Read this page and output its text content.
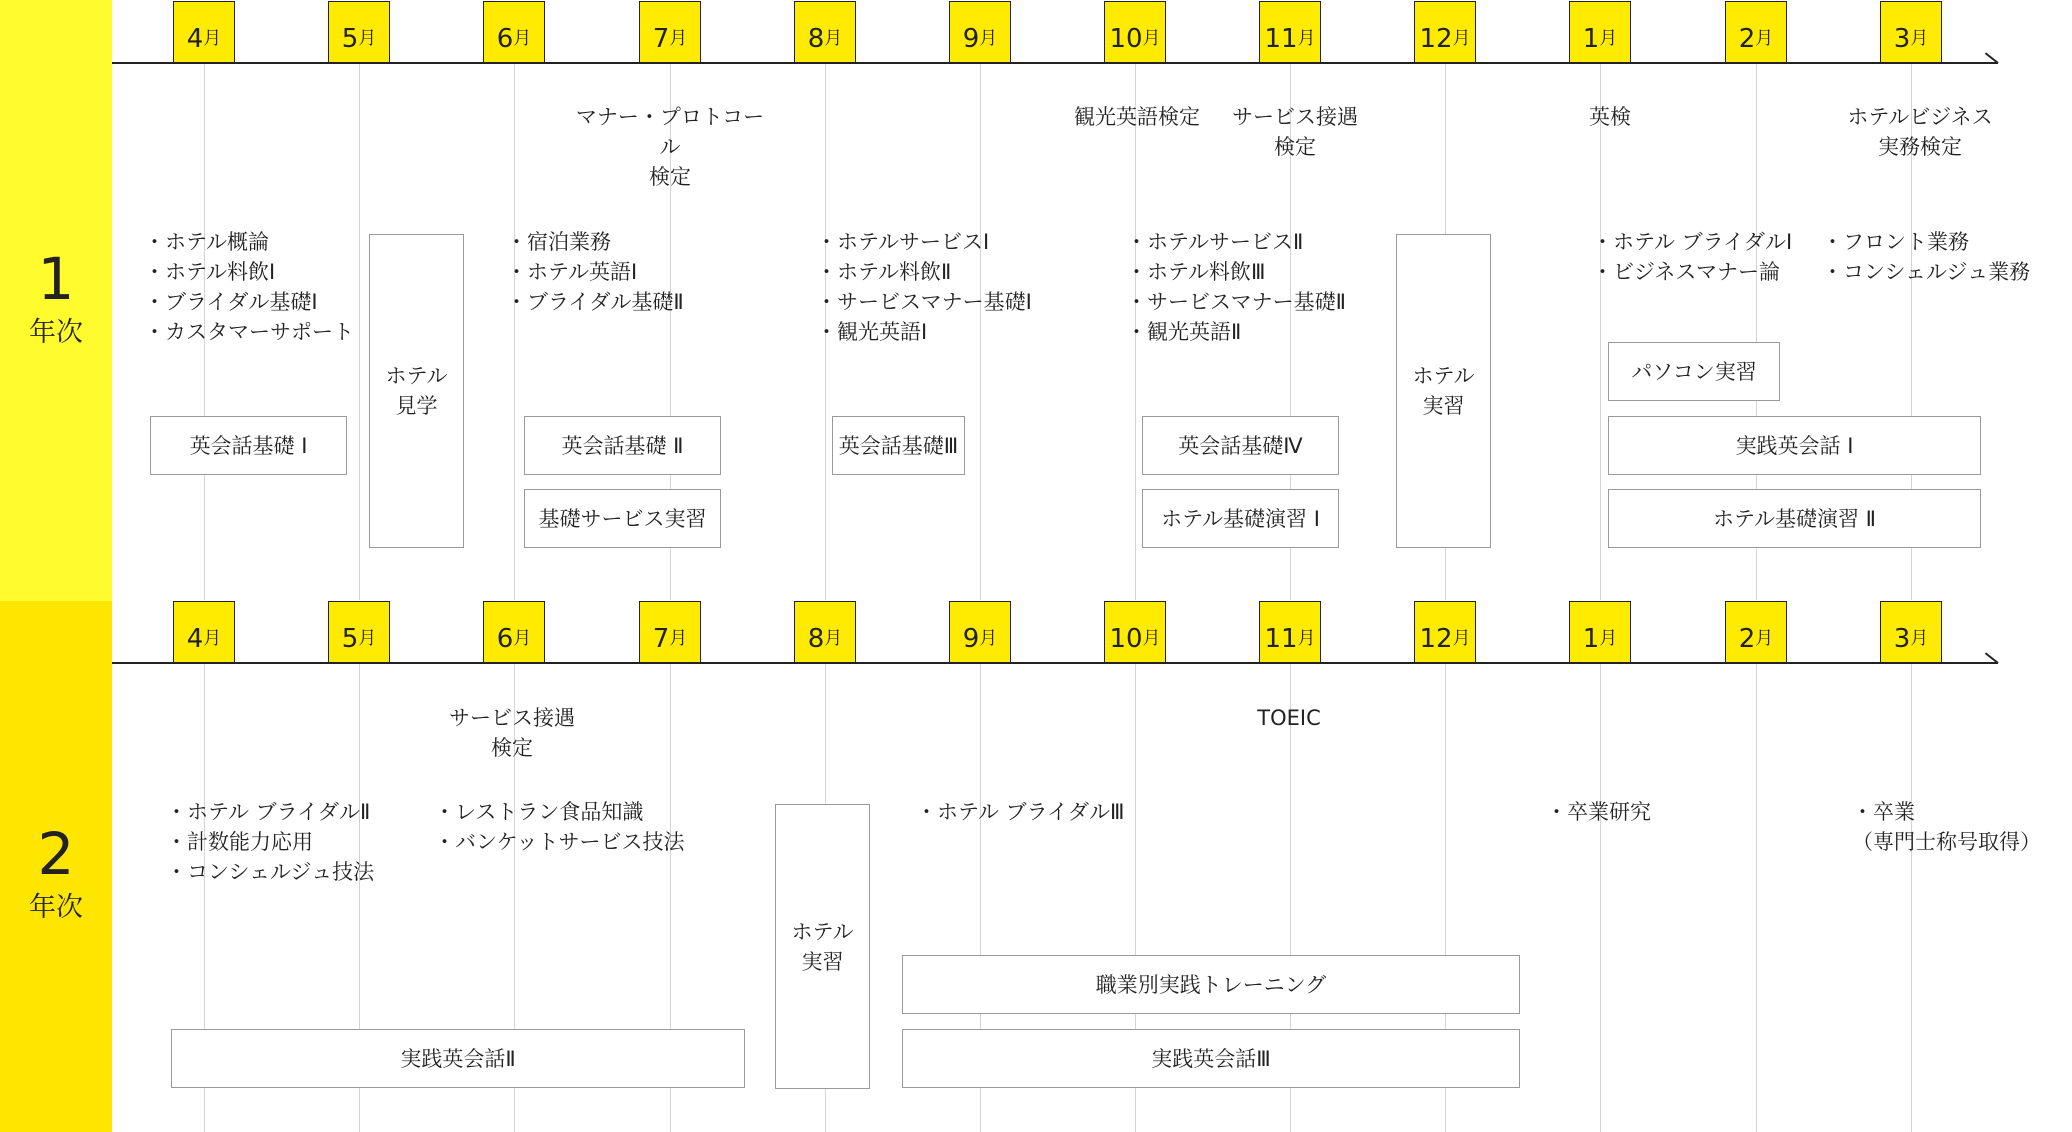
1
年次
2
年次
4 月	5 月	6 月	7 月	8 月	9 月	10 月	11 月	12 月	1 月	2 月	3 月
4 月	5 月	6 月	7 月	8 月	9 月	10 月	11 月	12 月	1 月	2 月	3 月
マナー・プロトコール
検定
観光英語検定	サービス接遇
検定
英検	ホテルビジネス
実務検定
・ホテル概論
・ホテル料飲Ⅰ
・ブライダル基礎Ⅰ
・カスタマーサポート
・宿泊業務
・ホテル英語Ⅰ
・ブライダル基礎Ⅱ
・ホテルサービスⅠ
・ホテル料飲Ⅱ
・サービスマナー基礎Ⅰ
・観光英語Ⅰ
・ホテルサービスⅡ
・ホテル料飲Ⅲ
・サービスマナー基礎Ⅱ
・観光英語Ⅱ
・ホテル ブライダルⅠ
・ビジネスマナー論
・フロント業務
・コンシェルジュ業務
英会話基礎 Ⅰ
ホテル
見学
英会話基礎 Ⅱ
基礎サービス実習
英会話基礎Ⅲ	英会話基礎Ⅳ
ホテル基礎演習 Ⅰ
ホテル
実習
パソコン実習
実践英会話 Ⅰ
ホテル基礎演習 Ⅱ
サービス接遇
検定
TOEIC
・ホテル ブライダルⅡ
・計数能力応用
・コンシェルジュ技法
・レストラン食品知識
・バンケットサービス技法
・ホテル ブライダルⅢ	・卒業研究	・卒業
（専門士称号取得）
ホテル
実習
職業別実践トレーニング
実践英会話Ⅱ	実践英会話Ⅲ
